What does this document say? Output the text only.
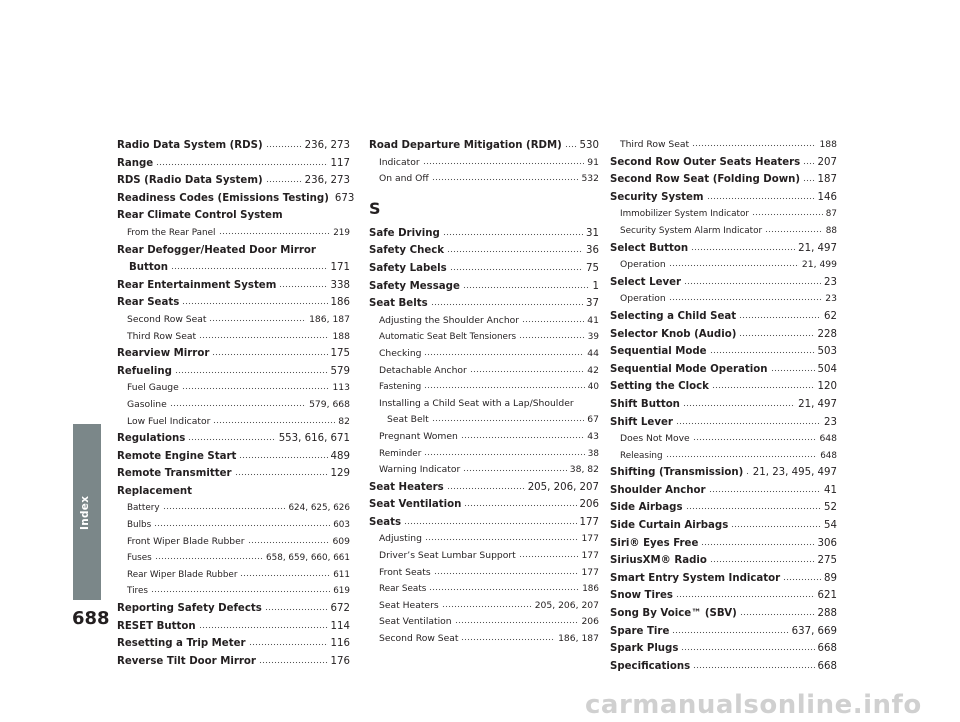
Index
Radio Data System (RDS)	236, 273
Range	117
RDS (Radio Data System)	236, 273
Readiness Codes (Emissions Testing) 673
Rear Climate Control System
From the Rear Panel	219
Rear Defogger/Heated Door Mirror
Button	171
Rear Entertainment System	338
Rear Seats	186
Second Row Seat	186, 187
Third Row Seat	188
Rearview Mirror	175
Refueling	579
Fuel Gauge	113
Gasoline	579, 668
Low Fuel Indicator	82
Regulations	553, 616, 671
Remote Engine Start	489
Remote Transmitter	129
Replacement
Battery	624, 625, 626
Bulbs	603
Front Wiper Blade Rubber	609
Fuses	658, 659, 660, 661
Rear Wiper Blade Rubber	611
Tires	619
Reporting Safety Defects	672
RESET Button	114
Resetting a Trip Meter	116
Reverse Tilt Door Mirror	176
Road Departure Mitigation (RDM) 530
Indicator	91
On and Off	532
S
Safe Driving	31
Safety Check	36
Safety Labels	75
Safety Message	1
Seat Belts	37
Adjusting the Shoulder Anchor	41
Automatic Seat Belt Tensioners	39
Checking	44
Detachable Anchor	42
Fastening	40
Installing a Child Seat with a Lap/Shoulder
Seat Belt	67
Pregnant Women	43
Reminder	38
Warning Indicator	38, 82
Seat Heaters	205, 206, 207
Seat Ventilation	206
Seats	177
Adjusting	177
Driver’s Seat Lumbar Support	177
Front Seats	177
Rear Seats	186
Seat Heaters	205, 206, 207
Seat Ventilation	206
Second Row Seat	186, 187
Third Row Seat	188
Second Row Outer Seats Heaters 207
Second Row Seat (Folding Down) 187
Security System	146
Immobilizer System Indicator	87
Security System Alarm Indicator	88
Select Button	21, 497
Operation	21, 499
Select Lever	23
Operation	23
Selecting a Child Seat	62
Selector Knob (Audio)	228
Sequential Mode	503
Sequential Mode Operation	504
Setting the Clock	120
Shift Button	21, 497
Shift Lever	23
Does Not Move	648
Releasing	648
Shifting (Transmission) 21, 23, 495, 497
Shoulder Anchor	41
Side Airbags	52
Side Curtain Airbags	54
Siri® Eyes Free	306
SiriusXM® Radio	275
Smart Entry System Indicator	89
Snow Tires	621
Song By Voice™ (SBV)	288
Spare Tire	637, 669
Spark Plugs	668
Specifications	668
688
carmanualsonline.info
